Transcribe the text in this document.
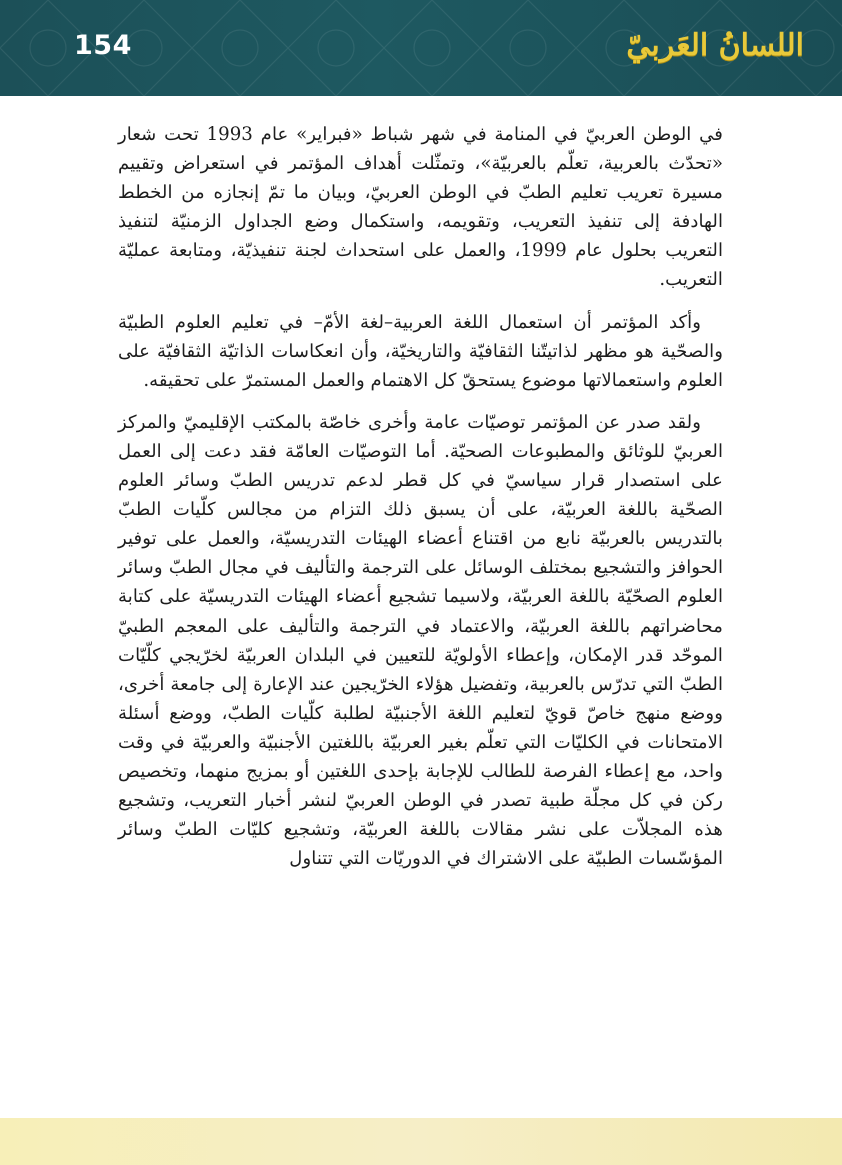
154	اللسانُ العَربيّ

في الوطن العربيّ في المنامة في شهر شباط «فبراير» عام 1993 تحت شعار «تحدّث بالعربية، تعلّم بالعربيّة»، وتمثّلت أهداف المؤتمر في استعراض وتقييم مسيرة تعريب تعليم الطبّ في الوطن العربيّ، وبيان ما تمّ إنجازه من الخطط الهادفة إلى تنفيذ التعريب، وتقويمه، واستكمال وضع الجداول الزمنيّة لتنفيذ التعريب بحلول عام 1999، والعمل على استحداث لجنة تنفيذيّة، ومتابعة عمليّة التعريب.

وأكد المؤتمر أن استعمال اللغة العربية–لغة الأمّ– في تعليم العلوم الطبيّة والصحّية هو مظهر لذاتيتّنا الثقافيّة والتاريخيّة، وأن انعكاسات الذاتيّة الثقافيّة على العلوم واستعمالاتها موضوع يستحقّ كل الاهتمام والعمل المستمرّ على تحقيقه.

ولقد صدر عن المؤتمر توصيّات عامة وأخرى خاصّة بالمكتب الإقليميّ والمركز العربيّ للوثائق والمطبوعات الصحيّة. أما التوصيّات العامّة فقد دعت إلى العمل على استصدار قرار سياسيّ في كل قطر لدعم تدريس الطبّ وسائر العلوم الصحّية باللغة العربيّة، على أن يسبق ذلك التزام من مجالس كلّيات الطبّ بالتدريس بالعربيّة نابع من اقتناع أعضاء الهيئات التدريسيّة، والعمل على توفير الحوافز والتشجيع بمختلف الوسائل على الترجمة والتأليف في مجال الطبّ وسائر العلوم الصحّيّة باللغة العربيّة، ولاسيما تشجيع أعضاء الهيئات التدريسيّة على كتابة محاضراتهم باللغة العربيّة، والاعتماد في الترجمة والتأليف على المعجم الطبيّ الموحّد قدر الإمكان، وإعطاء الأولويّة للتعيين في البلدان العربيّة لخرّيجي كلّيّات الطبّ التي تدرّس بالعربية، وتفضيل هؤلاء الخرّيجين عند الإعارة إلى جامعة أخرى، ووضع منهج خاصّ قويّ لتعليم اللغة الأجنبيّة لطلبة كلّيات الطبّ، ووضع أسئلة الامتحانات في الكليّات التي تعلّم بغير العربيّة باللغتين الأجنبيّة والعربيّة في وقت واحد، مع إعطاء الفرصة للطالب للإجابة بإحدى اللغتين أو بمزيج منهما، وتخصيص ركن في كل مجلّة طبية تصدر في الوطن العربيّ لنشر أخبار التعريب، وتشجيع هذه المجلاّت على نشر مقالات باللغة العربيّة، وتشجيع كليّات الطبّ وسائر المؤسّسات الطبيّة على الاشتراك في الدوريّات التي تتناول
